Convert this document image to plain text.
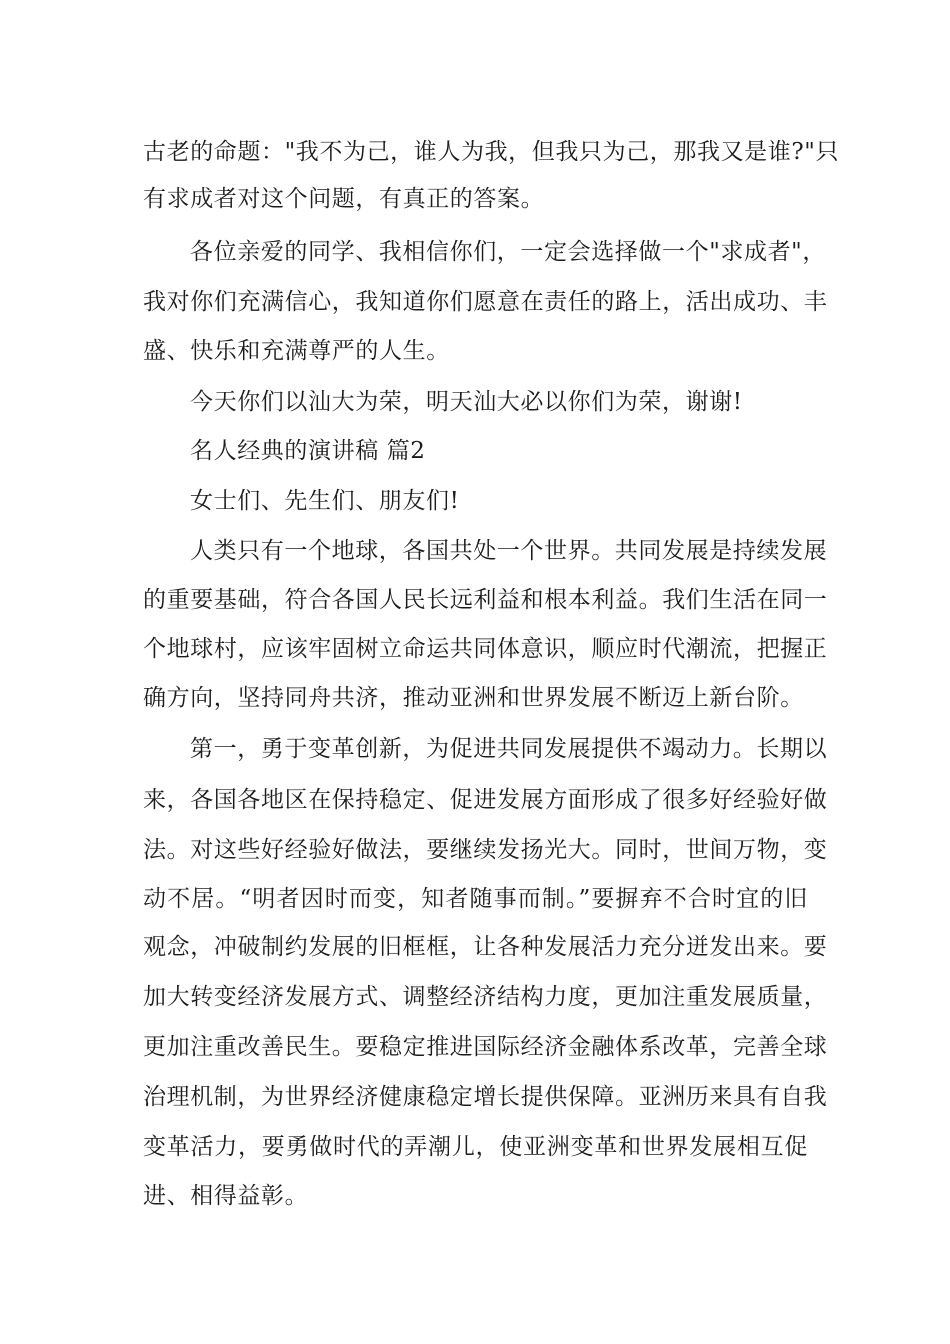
古老的命题："我不为己，谁人为我，但我只为己，那我又是谁?"只
有求成者对这个问题，有真正的答案。
各位亲爱的同学、我相信你们，一定会选择做一个"求成者"，
我对你们充满信心，我知道你们愿意在责任的路上，活出成功、丰
盛、快乐和充满尊严的人生。
今天你们以汕大为荣，明天汕大必以你们为荣，谢谢!
名人经典的演讲稿 篇2
女士们、先生们、朋友们!
人类只有一个地球，各国共处一个世界。共同发展是持续发展
的重要基础，符合各国人民长远利益和根本利益。我们生活在同一
个地球村，应该牢固树立命运共同体意识，顺应时代潮流，把握正
确方向，坚持同舟共济，推动亚洲和世界发展不断迈上新台阶。
第一，勇于变革创新，为促进共同发展提供不竭动力。长期以
来，各国各地区在保持稳定、促进发展方面形成了很多好经验好做
法。对这些好经验好做法，要继续发扬光大。同时，世间万物，变
动不居。“明者因时而变，知者随事而制。”要摒弃不合时宜的旧
观念，冲破制约发展的旧框框，让各种发展活力充分迸发出来。要
加大转变经济发展方式、调整经济结构力度，更加注重发展质量，
更加注重改善民生。要稳定推进国际经济金融体系改革，完善全球
治理机制，为世界经济健康稳定增长提供保障。亚洲历来具有自我
变革活力，要勇做时代的弄潮儿，使亚洲变革和世界发展相互促
进、相得益彰。
